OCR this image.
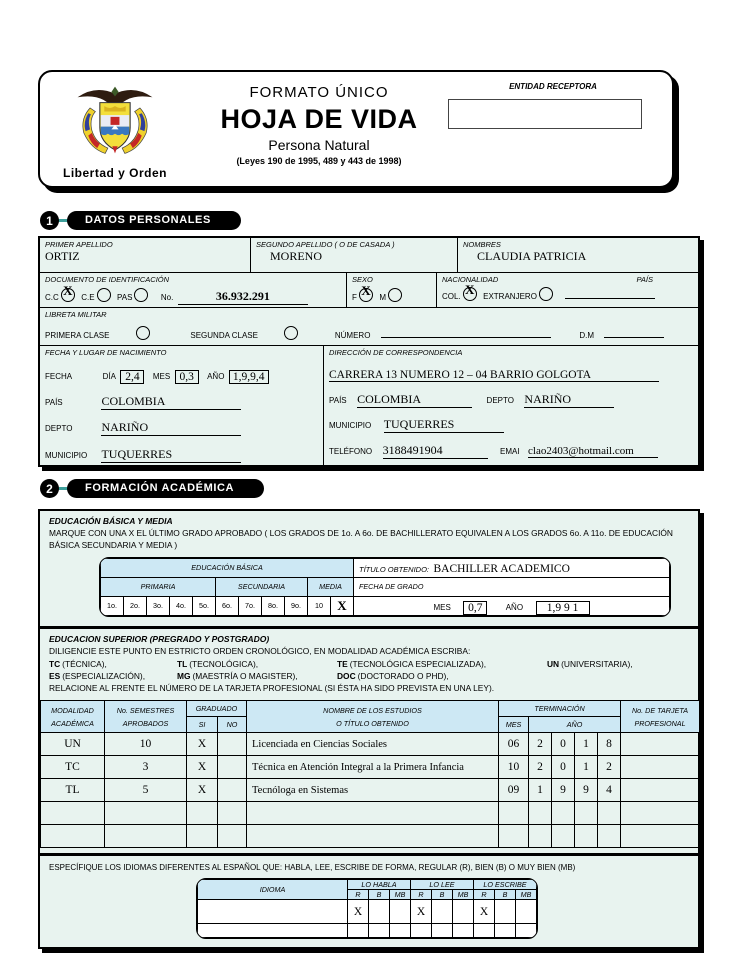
Libertad y Orden
FORMATO ÚNICO
HOJA DE VIDA
Persona Natural
(Leyes 190 de 1995, 489 y 443 de 1998)
ENTIDAD RECEPTORA
1	DATOS PERSONALES
PRIMER APELLIDO
ORTIZ
SEGUNDO APELLIDO ( O DE CASADA )
MORENO
NOMBRES
CLAUDIA PATRICIA
DOCUMENTO DE IDENTIFICACIÓN
C.C X C.E	PAS	No.	36.932.291
SEXO
F X M
NACIONALIDAD	PAÍS
COL. X EXTRANJERO

LIBRETA MILITAR
PRIMERA CLASE	SEGUNDA CLASE	NÚMERO	D.M
FECHA Y LUGAR DE NACIMIENTO
FECHA	DÍA 2,4 MES 0,3 AÑO 1,9,9,4
PAÍS	COLOMBIA
DEPTO NARIÑO
MUNICIPIO TUQUERRES
DIRECCIÓN DE CORRESPONDENCIA
CARRERA 13 NUMERO 12 – 04 BARRIO GOLGOTA
PAÍS COLOMBIA	DEPTO NARIÑO
MUNICIPIO TUQUERRES
TELÉFONO 3188491904	EMAI clao2403@hotmail.com
2	FORMACIÓN ACADÉMICA
EDUCACIÓN BÁSICA Y MEDIA
MARQUE CON UNA X EL ÚLTIMO GRADO APROBADO ( LOS GRADOS DE 1o. A 6o. DE BACHILLERATO EQUIVALEN A LOS GRADOS 6o. A 11o. DE EDUCACIÓN BÁSICA SECUNDARIA Y MEDIA )
EDUCACIÓN BÁSICA											TÍTULO OBTENIDO: BACHILLER ACADEMICO
PRIMARIA					SECUNDARIA				MEDIA		FECHA DE GRADO
1o.	2o.	3o.	4o.	5o.	6o.	7o.	8o.	9o.	10	X	MES 0,7 AÑO 1,9 9 1
EDUCACION SUPERIOR (PREGRADO Y POSTGRADO)
DILIGENCIE ESTE PUNTO EN ESTRICTO ORDEN CRONOLÓGICO, EN MODALIDAD ACADÉMICA ESCRIBA:
TC (TÉCNICA),	TL (TECNOLÓGICA),	TE (TECNOLÓGICA ESPECIALIZADA),	UN (UNIVERSITARIA),
ES (ESPECIALIZACIÓN),	MG (MAESTRÍA O MAGISTER),	DOC (DOCTORADO O PHD),
RELACIONE AL FRENTE EL NÚMERO DE LA TARJETA PROFESIONAL (SI ÉSTA HA SIDO PREVISTA EN UNA LEY).
MODALIDAD
ACADÉMICA

No. SEMESTRES
APROBADOS
	GRADUADO	NOMBRE DE LOS ESTUDIOS
O TÍTULO OBTENIDO
	TERMINACIÓN	No. DE TARJETA
PROFESIONAL

		SI	NO		MES	AÑO				
UN	10	X		Licenciada en Ciencias Sociales	06	2	0	1	8	
TC	3	X		Técnica en Atención Integral a la Primera Infancia	10	2	0	1	2	
TL	5	X		Tecnóloga en Sistemas	09	1	9	9	4	

ESPECÍFIQUE LOS IDIOMAS DIFERENTES AL ESPAÑOL QUE: HABLA, LEE, ESCRIBE DE FORMA, REGULAR (R), BIEN (B) O MUY BIEN (MB)
IDIOMA	LO HABLA			LO LEE			LO ESCRIBE		
	R	B	MB	R	B	MB	R	B	MB
	X			X			X		
